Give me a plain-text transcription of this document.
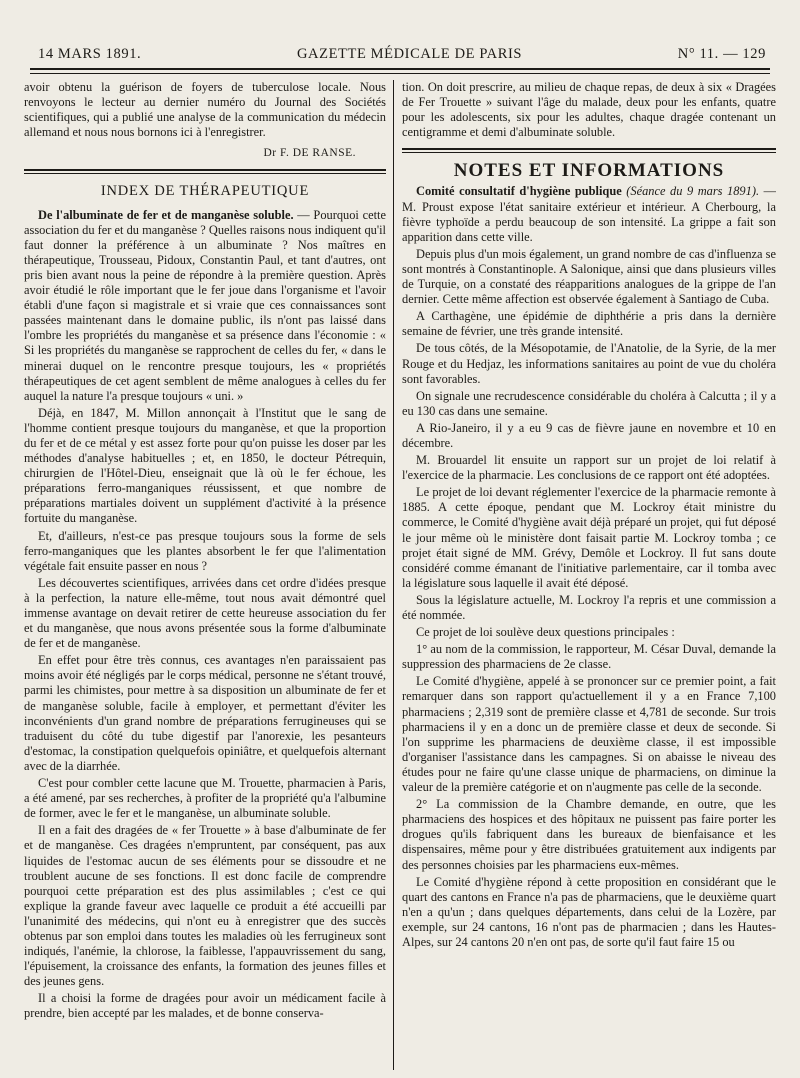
14 MARS 1891.	GAZETTE MÉDICALE DE PARIS	N° 11. — 129

avoir obtenu la guérison de foyers de tuberculose locale. Nous renvoyons le lecteur au dernier numéro du Journal des Sociétés scientifiques, qui a publié une analyse de la communication du médecin allemand et nous nous bornons ici à l'enregistrer.

Dr F. DE RANSE.
INDEX DE THÉRAPEUTIQUE

De l'albuminate de fer et de manganèse soluble. — Pourquoi cette association du fer et du manganèse ? Quelles raisons nous indiquent qu'il faut donner la préférence à un albuminate ? Nos maîtres en thérapeutique, Trousseau, Pidoux, Constantin Paul, et tant d'autres, ont pris bien avant nous la peine de répondre à la première question. Après avoir étudié le rôle important que le fer joue dans l'organisme et l'avoir établi d'une façon si magistrale et si vraie que ces connaissances sont passées maintenant dans le domaine public, ils n'ont pas laissé dans l'ombre les propriétés du manganèse et sa présence dans l'économie : « Si les propriétés du manganèse se rapprochent de celles du fer, « dans le minerai duquel on le rencontre presque toujours, les « propriétés thérapeutiques de cet agent semblent de même analogues à celles du fer auquel la nature l'a presque toujours « uni. »

Déjà, en 1847, M. Millon annonçait à l'Institut que le sang de l'homme contient presque toujours du manganèse, et que la proportion du fer et de ce métal y est assez forte pour qu'on puisse les doser par les méthodes d'analyse habituelles ; et, en 1850, le docteur Pétrequin, chirurgien de l'Hôtel-Dieu, enseignait que là où le fer échoue, les préparations ferro-manganiques réussissent, et que nombre de préparations martiales doivent un supplément d'activité à la présence fortuite du manganèse.

Et, d'ailleurs, n'est-ce pas presque toujours sous la forme de sels ferro-manganiques que les plantes absorbent le fer que l'alimentation végétale fait ensuite passer en nous ?

Les découvertes scientifiques, arrivées dans cet ordre d'idées presque à la perfection, la nature elle-même, tout nous avait démontré quel immense avantage on devait retirer de cette heureuse association du fer et du manganèse, que nous avons présentée sous la forme d'albuminate de fer et de manganèse.

En effet pour être très connus, ces avantages n'en paraissaient pas moins avoir été négligés par le corps médical, personne ne s'étant trouvé, parmi les chimistes, pour mettre à sa disposition un albuminate de fer et de manganèse soluble, facile à employer, et permettant d'éviter les inconvénients d'un grand nombre de préparations ferrugineuses qui se traduisent du côté du tube digestif par l'anorexie, les pesanteurs d'estomac, la constipation quelquefois opiniâtre, et quelquefois alternant avec de la diarrhée.

C'est pour combler cette lacune que M. Trouette, pharmacien à Paris, a été amené, par ses recherches, à profiter de la propriété qu'a l'albumine de former, avec le fer et le manganèse, un albuminate soluble.

Il en a fait des dragées de « fer Trouette » à base d'albuminate de fer et de manganèse. Ces dragées n'empruntent, par conséquent, pas aux liquides de l'estomac aucun de ses éléments pour se dissoudre et ne troublent aucune de ses fonctions. Il est donc facile de comprendre pourquoi cette préparation est des plus assimilables ; c'est ce qui explique la grande faveur avec laquelle ce produit a été accueilli par l'unanimité des médecins, qui n'ont eu à enregistrer que des succès obtenus par son emploi dans toutes les maladies où les ferrugineux sont indiqués, l'anémie, la chlorose, la faiblesse, l'appauvrissement du sang, l'épuisement, la croissance des enfants, la formation des jeunes filles et des jeunes gens.

Il a choisi la forme de dragées pour avoir un médicament facile à prendre, bien accepté par les malades, et de bonne conserva-

tion. On doit prescrire, au milieu de chaque repas, de deux à six « Dragées de Fer Trouette » suivant l'âge du malade, deux pour les enfants, quatre pour les adolescents, six pour les adultes, chaque dragée contenant un centigramme et demi d'albuminate soluble.

NOTES ET INFORMATIONS

Comité consultatif d'hygiène publique (Séance du 9 mars 1891). — M. Proust expose l'état sanitaire extérieur et intérieur. A Cherbourg, la fièvre typhoïde a perdu beaucoup de son intensité. La grippe a fait son apparition dans cette ville.

Depuis plus d'un mois également, un grand nombre de cas d'influenza se sont montrés à Constantinople. A Salonique, ainsi que dans plusieurs villes de Turquie, on a constaté des réapparitions analogues de la grippe de l'an dernier. Cette même affection est observée également à Santiago de Cuba.

A Carthagène, une épidémie de diphthérie a pris dans la dernière semaine de février, une très grande intensité.

De tous côtés, de la Mésopotamie, de l'Anatolie, de la Syrie, de la mer Rouge et du Hedjaz, les informations sanitaires au point de vue du choléra sont favorables.

On signale une recrudescence considérable du choléra à Calcutta ; il y a eu 130 cas dans une semaine.

A Rio-Janeiro, il y a eu 9 cas de fièvre jaune en novembre et 10 en décembre.

M. Brouardel lit ensuite un rapport sur un projet de loi relatif à l'exercice de la pharmacie. Les conclusions de ce rapport ont été adoptées.

Le projet de loi devant réglementer l'exercice de la pharmacie remonte à 1885. A cette époque, pendant que M. Lockroy était ministre du commerce, le Comité d'hygiène avait déjà préparé un projet, qui fut déposé le jour même où le ministère dont faisait partie M. Lockroy tomba ; ce projet était signé de MM. Grévy, Demôle et Lockroy. Il fut sans doute considéré comme émanant de l'initiative parlementaire, car il tomba avec la législature sous laquelle il avait été déposé.

Sous la législature actuelle, M. Lockroy l'a repris et une commission a été nommée.

Ce projet de loi soulève deux questions principales :

1° au nom de la commission, le rapporteur, M. César Duval, demande la suppression des pharmaciens de 2e classe.

Le Comité d'hygiène, appelé à se prononcer sur ce premier point, a fait remarquer dans son rapport qu'actuellement il y a en France 7,100 pharmaciens ; 2,319 sont de première classe et 4,781 de seconde. Sur trois pharmaciens il y en a donc un de première classe et deux de seconde. Si l'on supprime les pharmaciens de deuxième classe, il est impossible d'organiser l'assistance dans les campagnes. Si on abaisse le niveau des études pour ne faire qu'une classe unique de pharmaciens, on diminue la valeur de la première catégorie et on n'augmente pas celle de la seconde.

2° La commission de la Chambre demande, en outre, que les pharmaciens des hospices et des hôpitaux ne puissent pas faire porter les drogues qu'ils fabriquent dans les bureaux de bienfaisance et les dispensaires, même pour y être distribuées gratuitement aux indigents par des personnes choisies par les pharmaciens eux-mêmes.

Le Comité d'hygiène répond à cette proposition en considérant que le quart des cantons en France n'a pas de pharmaciens, que le deuxième quart n'en a qu'un ; dans quelques départements, dans celui de la Lozère, par exemple, sur 24 cantons, 16 n'ont pas de pharmacien ; dans les Hautes-Alpes, sur 24 cantons 20 n'en ont pas, de sorte qu'il faut faire 15 ou
